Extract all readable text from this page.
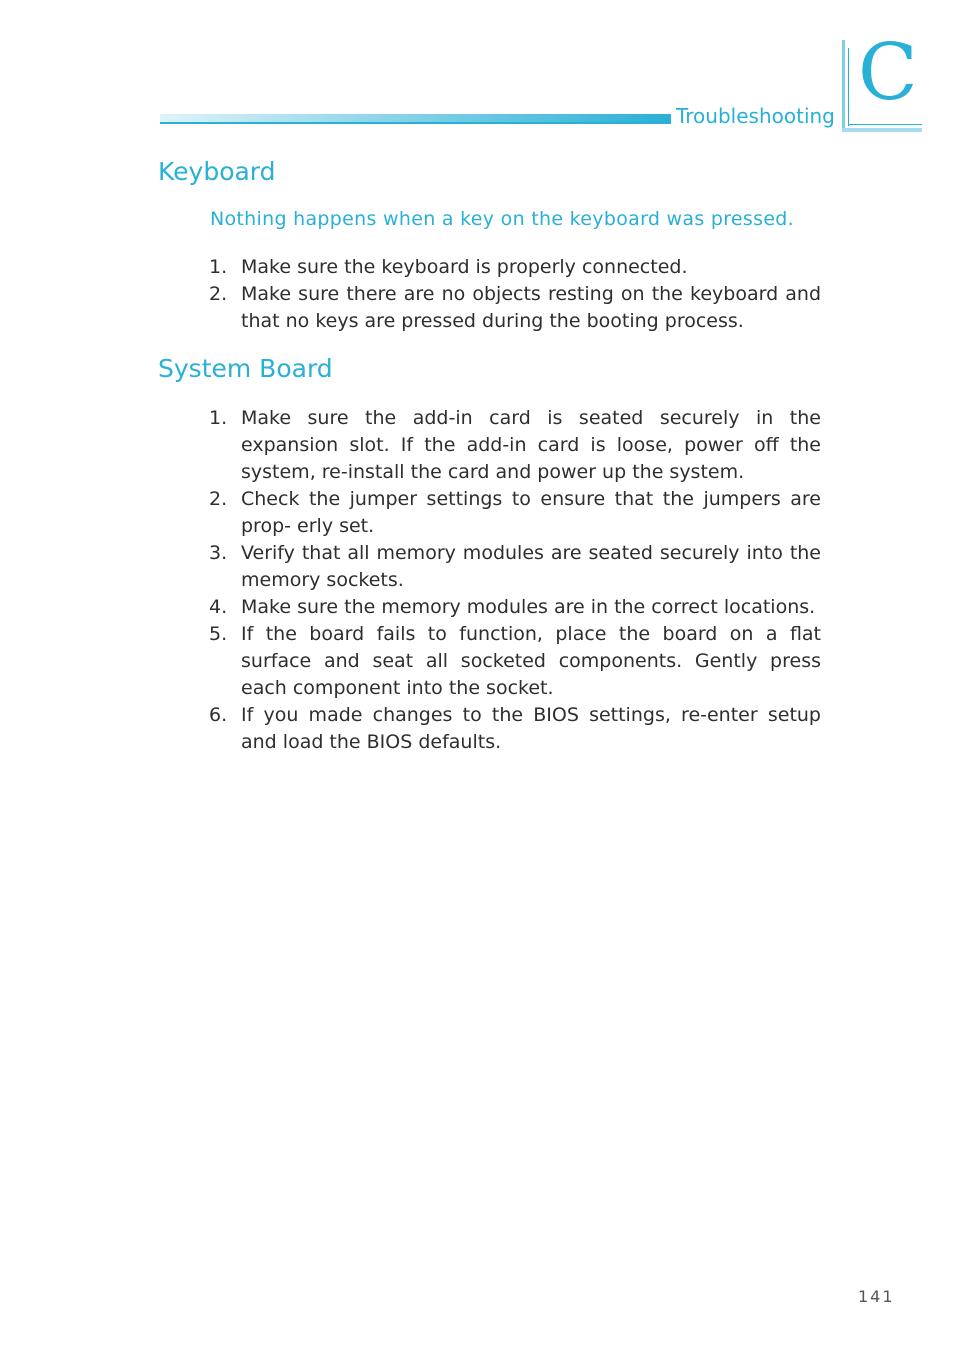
Troubleshooting C
Keyboard
Nothing happens when a key on the keyboard was pressed.
1. Make sure the keyboard is properly connected.
2. Make sure there are no objects resting on the keyboard and that no keys are pressed during the booting process.
System Board
1. Make sure the add-in card is seated securely in the expansion slot. If the add-in card is loose, power off the system, re-install the card and power up the system.
2. Check the jumper settings to ensure that the jumpers are prop- erly set.
3. Verify that all memory modules are seated securely into the memory sockets.
4. Make sure the memory modules are in the correct locations.
5. If the board fails to function, place the board on a flat surface and seat all socketed components. Gently press each component into the socket.
6. If you made changes to the BIOS settings, re-enter setup and load the BIOS defaults.
141
